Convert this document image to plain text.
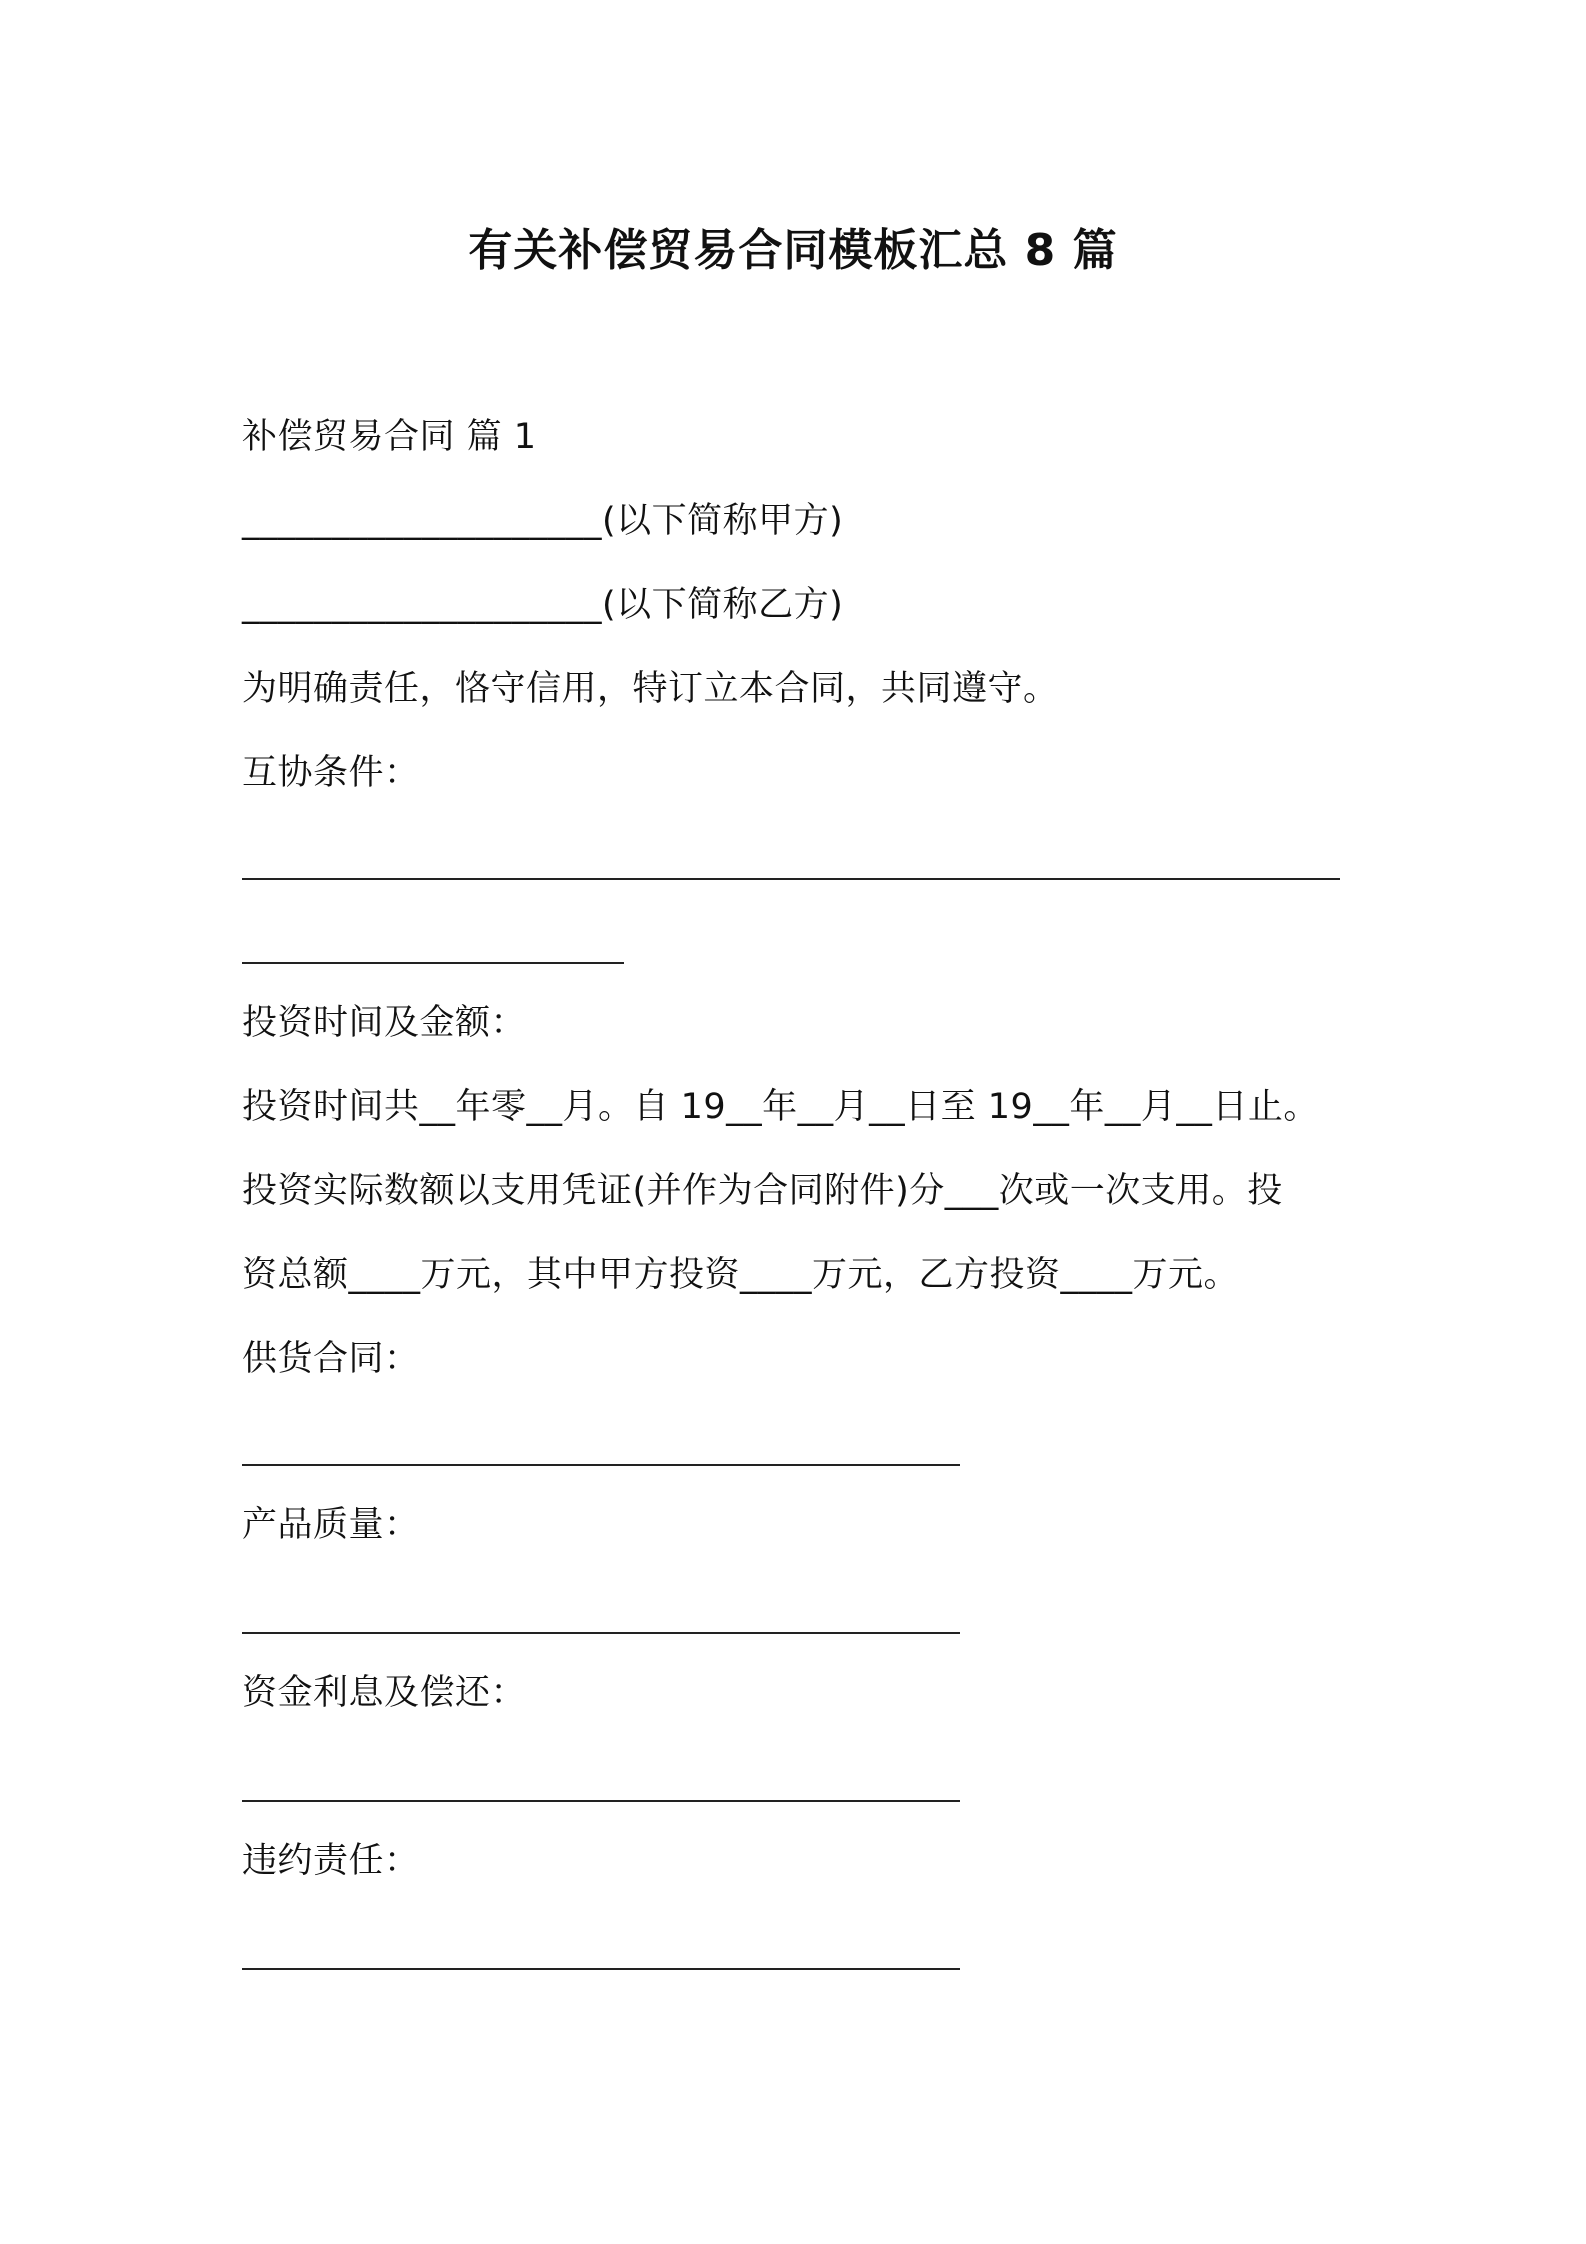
有关补偿贸易合同模板汇总 8 篇

补偿贸易合同 篇 1

____________________(以下简称甲方)

____________________(以下简称乙方)

为明确责任，恪守信用，特订立本合同，共同遵守。

互协条件：

投资时间及金额：

投资时间共__年零__月。自 19__年__月__日至 19__年__月__日止。

投资实际数额以支用凭证(并作为合同附件)分___次或一次支用。投

资总额____万元，其中甲方投资____万元，乙方投资____万元。

供货合同：

产品质量：

资金利息及偿还：

违约责任：
